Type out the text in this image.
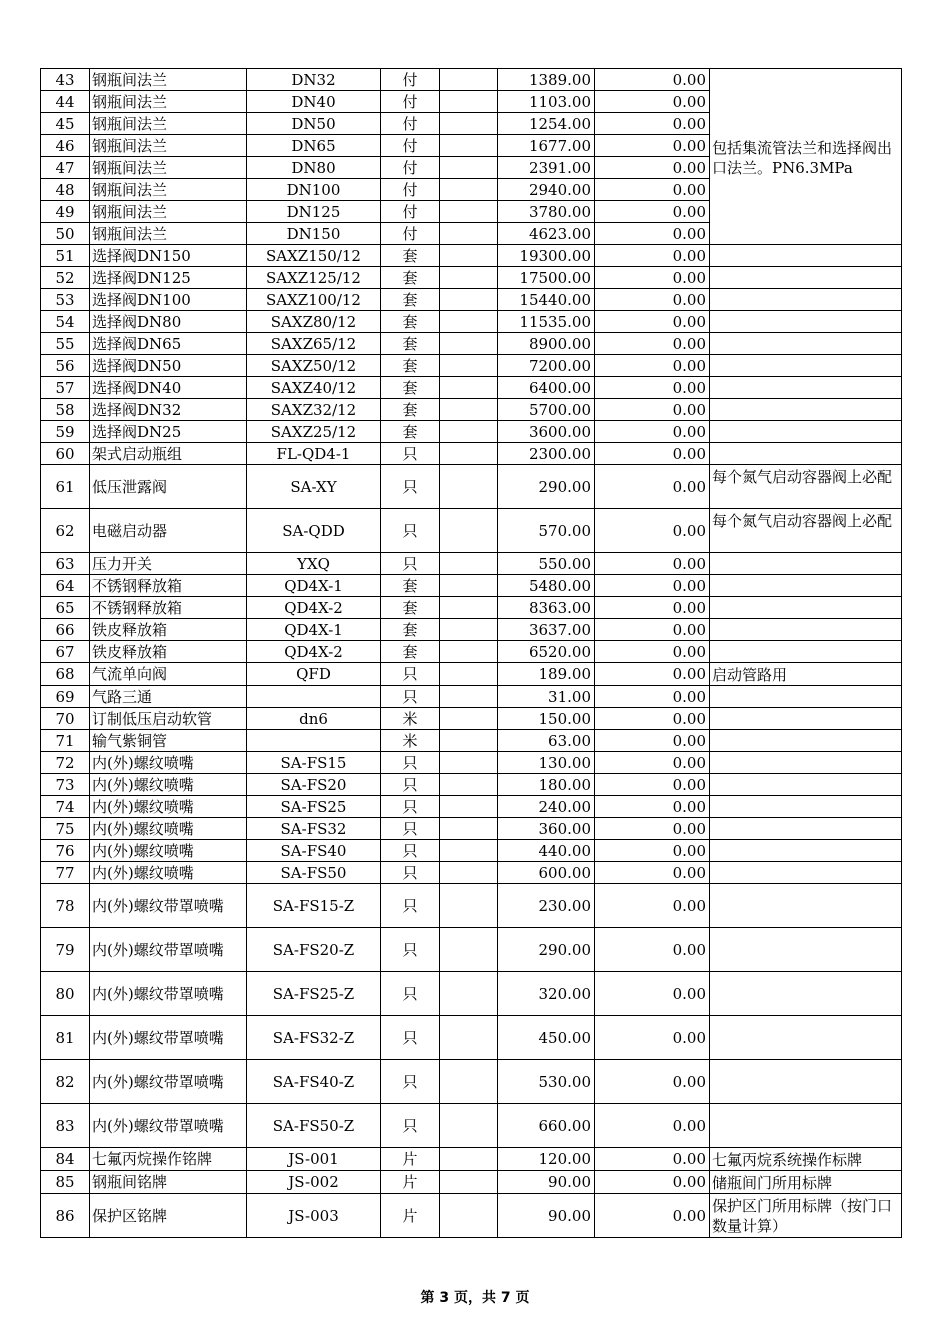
43	钢瓶间法兰	DN32	付		1389.00	0.00	包括集流管法兰和选择阀出口法兰。PN6.3MPa
44	钢瓶间法兰	DN40	付		1103.00	0.00	
45	钢瓶间法兰	DN50	付		1254.00	0.00	
46	钢瓶间法兰	DN65	付		1677.00	0.00	
47	钢瓶间法兰	DN80	付		2391.00	0.00	
48	钢瓶间法兰	DN100	付		2940.00	0.00	
49	钢瓶间法兰	DN125	付		3780.00	0.00	
50	钢瓶间法兰	DN150	付		4623.00	0.00	
51	选择阀DN150	SAXZ150/12	套		19300.00	0.00	
52	选择阀DN125	SAXZ125/12	套		17500.00	0.00	
53	选择阀DN100	SAXZ100/12	套		15440.00	0.00	
54	选择阀DN80	SAXZ80/12	套		11535.00	0.00	
55	选择阀DN65	SAXZ65/12	套		8900.00	0.00	
56	选择阀DN50	SAXZ50/12	套		7200.00	0.00	
57	选择阀DN40	SAXZ40/12	套		6400.00	0.00	
58	选择阀DN32	SAXZ32/12	套		5700.00	0.00	
59	选择阀DN25	SAXZ25/12	套		3600.00	0.00	
60	架式启动瓶组	FL-QD4-1	只		2300.00	0.00	
61	低压泄露阀	SA-XY	只		290.00	0.00	每个氮气启动容器阀上必配
62	电磁启动器	SA-QDD	只		570.00	0.00	每个氮气启动容器阀上必配
63	压力开关	YXQ	只		550.00	0.00	
64	不锈钢释放箱	QD4X-1	套		5480.00	0.00	
65	不锈钢释放箱	QD4X-2	套		8363.00	0.00	
66	铁皮释放箱	QD4X-1	套		3637.00	0.00	
67	铁皮释放箱	QD4X-2	套		6520.00	0.00	
68	气流单向阀	QFD	只		189.00	0.00	启动管路用
69	气路三通		只		31.00	0.00	
70	订制低压启动软管	dn6	米		150.00	0.00	
71	输气紫铜管		米		63.00	0.00	
72	内(外)螺纹喷嘴	SA-FS15	只		130.00	0.00	
73	内(外)螺纹喷嘴	SA-FS20	只		180.00	0.00	
74	内(外)螺纹喷嘴	SA-FS25	只		240.00	0.00	
75	内(外)螺纹喷嘴	SA-FS32	只		360.00	0.00	
76	内(外)螺纹喷嘴	SA-FS40	只		440.00	0.00	
77	内(外)螺纹喷嘴	SA-FS50	只		600.00	0.00	
78	内(外)螺纹带罩喷嘴	SA-FS15-Z	只		230.00	0.00	
79	内(外)螺纹带罩喷嘴	SA-FS20-Z	只		290.00	0.00	
80	内(外)螺纹带罩喷嘴	SA-FS25-Z	只		320.00	0.00	
81	内(外)螺纹带罩喷嘴	SA-FS32-Z	只		450.00	0.00	
82	内(外)螺纹带罩喷嘴	SA-FS40-Z	只		530.00	0.00	
83	内(外)螺纹带罩喷嘴	SA-FS50-Z	只		660.00	0.00	
84	七氟丙烷操作铭牌	JS-001	片		120.00	0.00	七氟丙烷系统操作标牌
85	钢瓶间铭牌	JS-002	片		90.00	0.00	储瓶间门所用标牌
86	保护区铭牌	JS-003	片		90.00	0.00	保护区门所用标牌（按门口数量计算）
第 3 页，共 7 页
